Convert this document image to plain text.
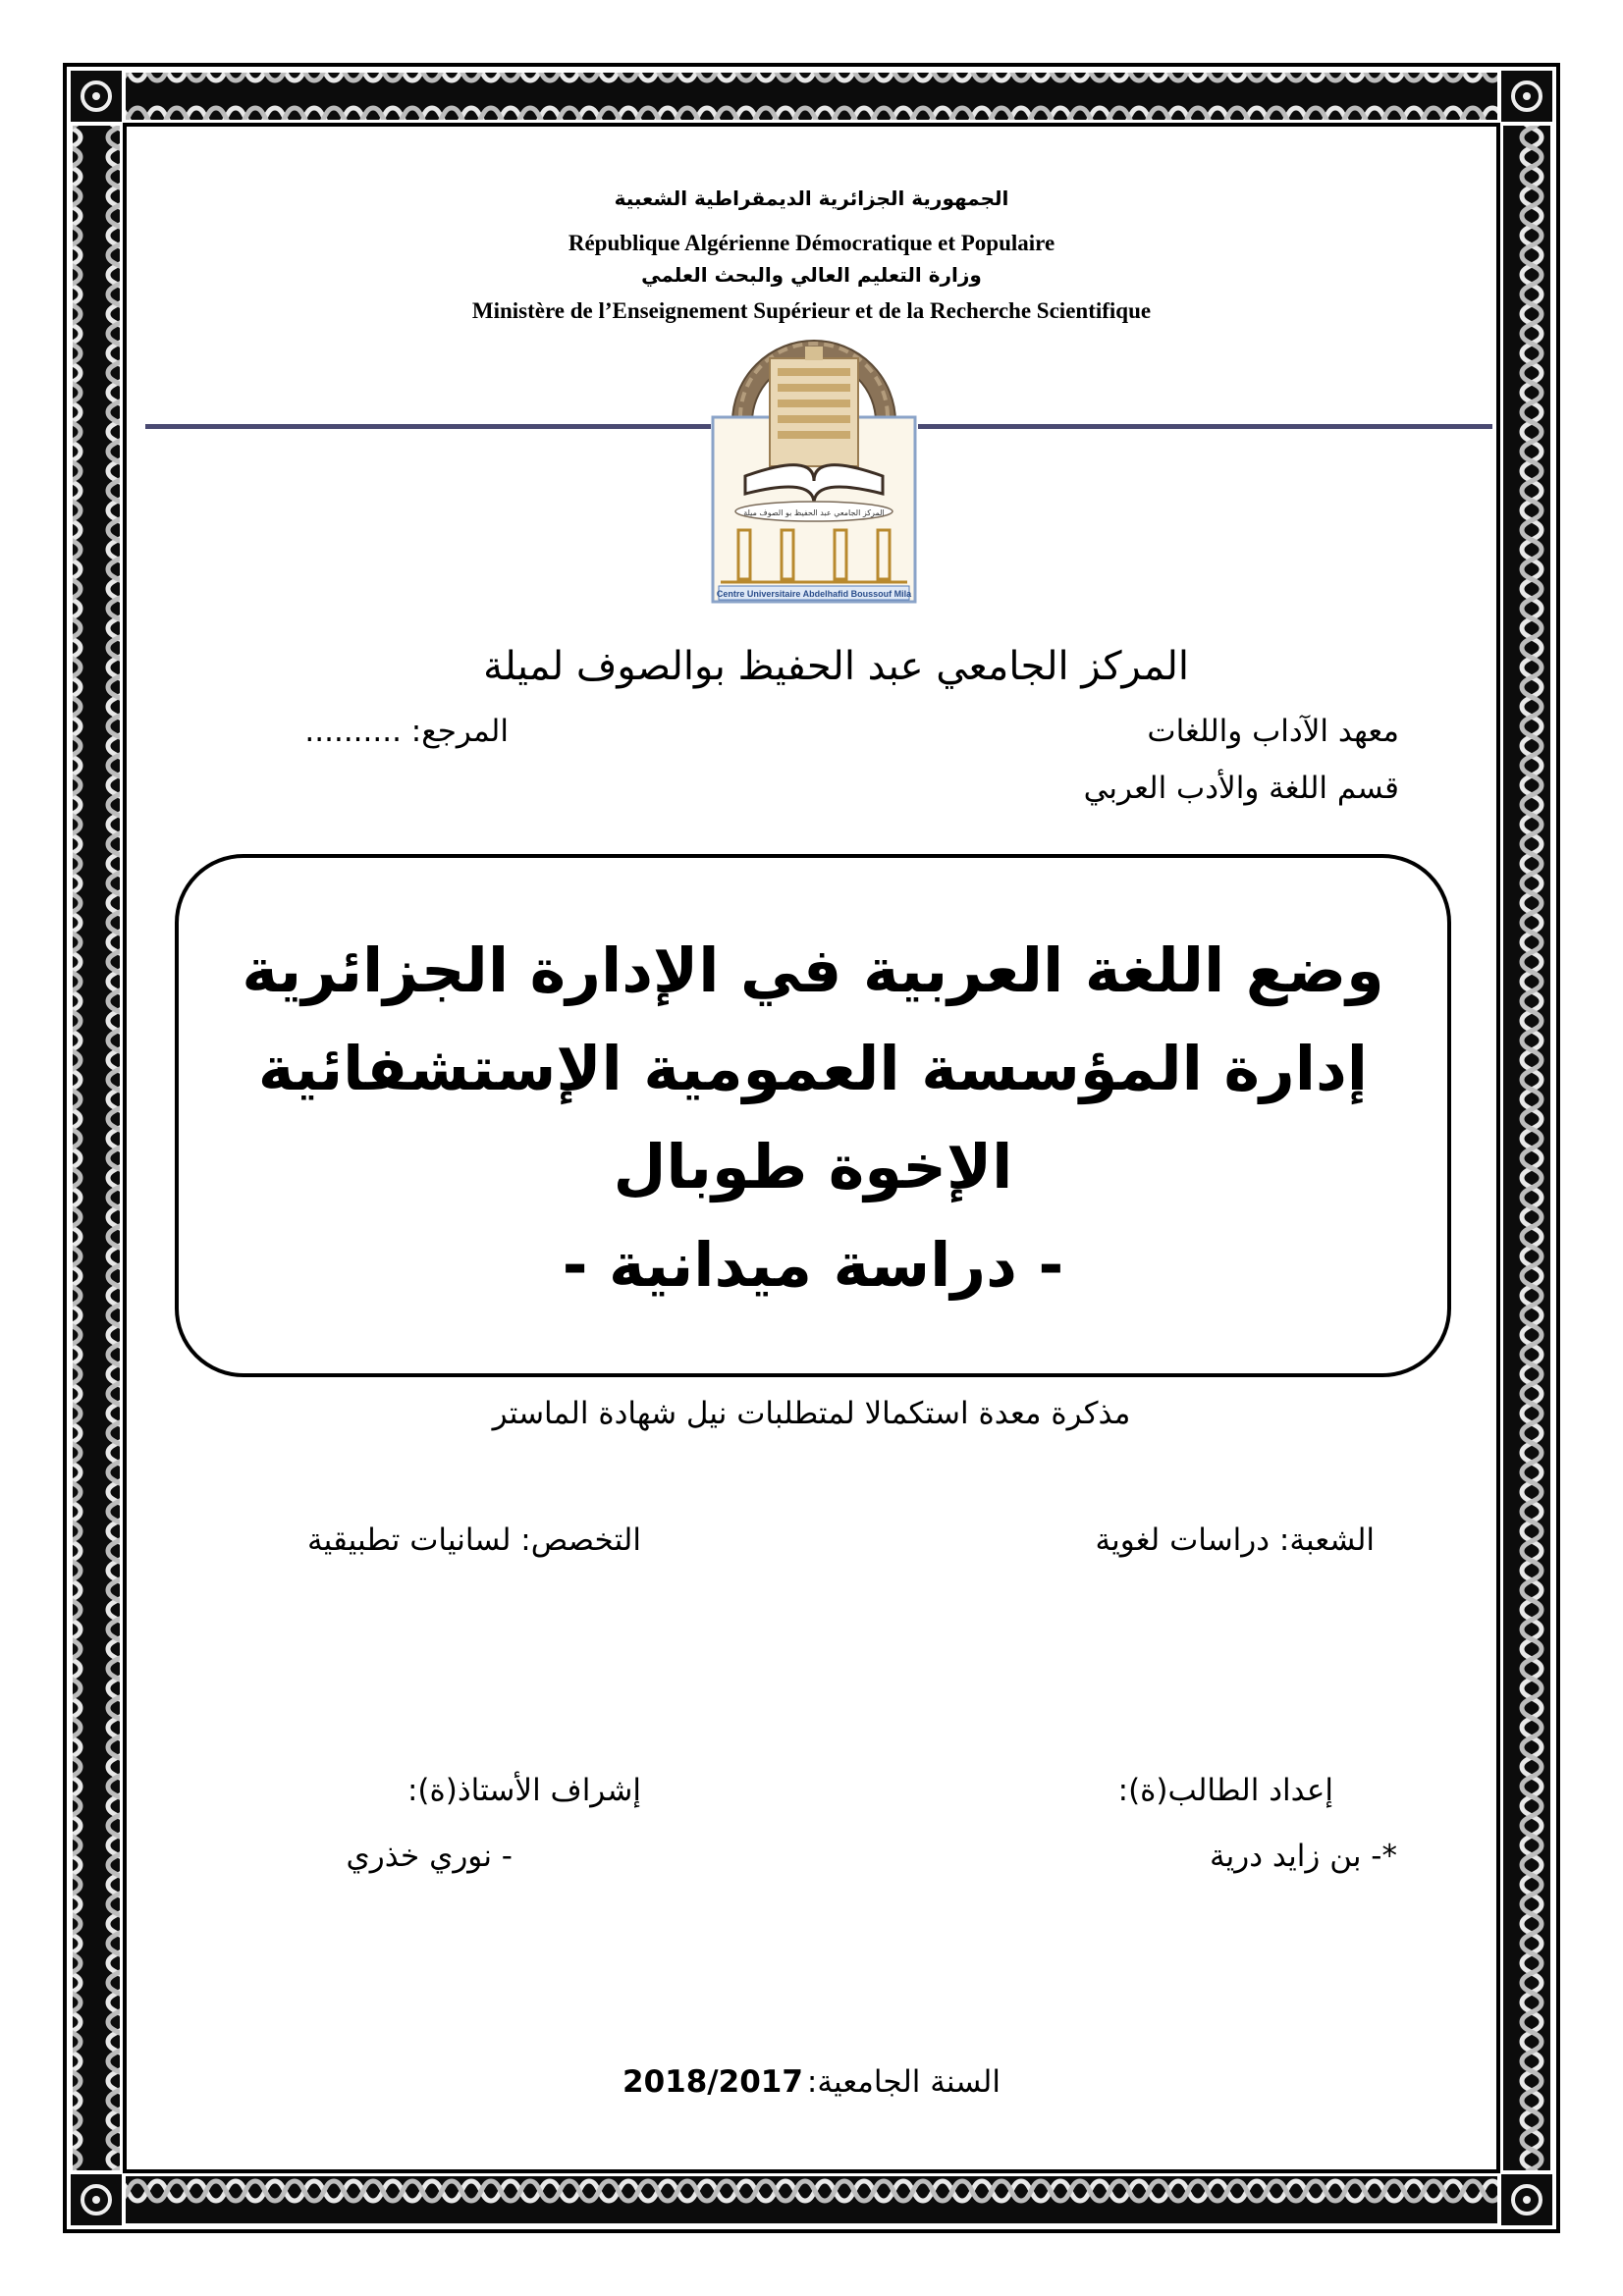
الجمهورية الجزائرية الديمقراطية الشعبية
République Algérienne Démocratique et Populaire
وزارة التعليم العالي والبحث العلمي
Ministère de l’Enseignement Supérieur et de la Recherche Scientifique
المركز الجامعي عبد الحفيظ بو الصوف ميلة
Centre Universitaire Abdelhafid Boussouf Mila
المركز الجامعي عبد الحفيظ بوالصوف لميلة
معهد الآداب واللغات
المرجع: ..........
قسم اللغة والأدب العربي
وضع اللغة العربية في الإدارة الجزائرية
إدارة المؤسسة العمومية الإستشفائية
الإخوة طوبال
- دراسة ميدانية -
مذكرة معدة استكمالا لمتطلبات نيل شهادة الماستر
الشعبة: دراسات لغوية
التخصص: لسانيات تطبيقية
إعداد الطالب(ة):
إشراف الأستاذ(ة):
*- بن زايد درية
- نوري خذري
2018/2017 السنة الجامعية:
